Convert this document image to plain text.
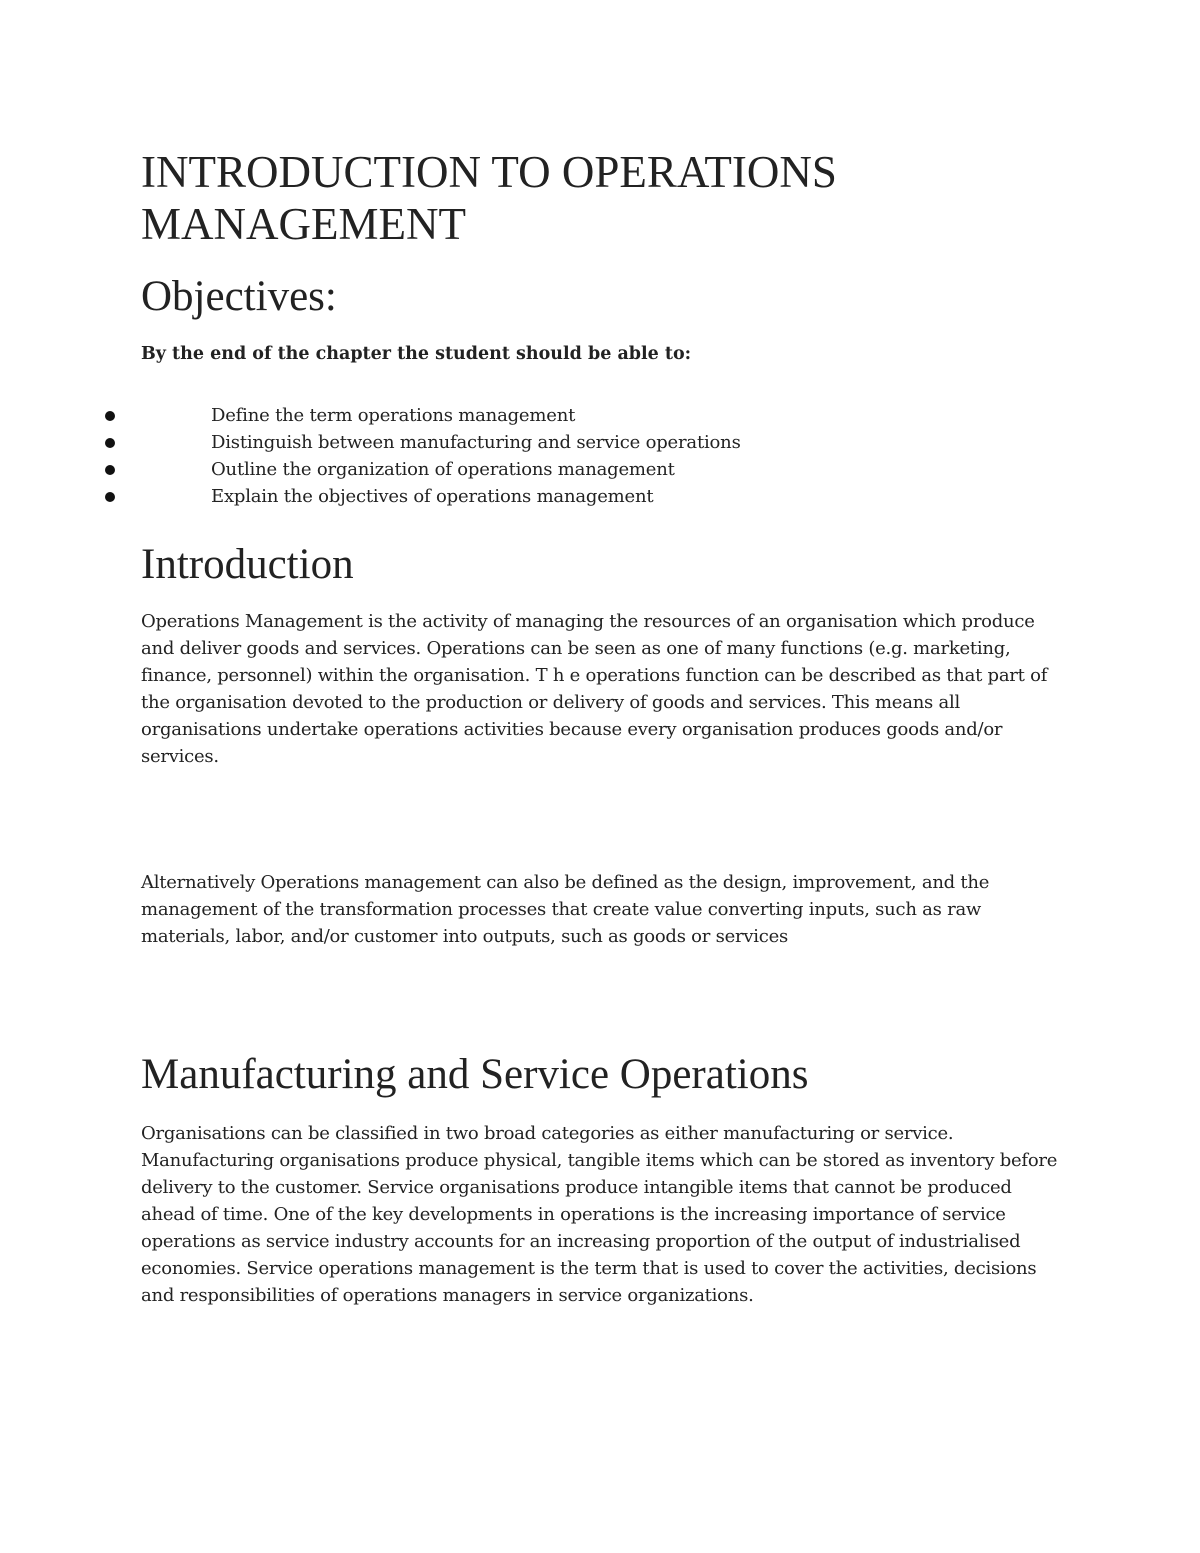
INTRODUCTION TO OPERATIONS MANAGEMENT
Objectives:

By the end of the chapter the student should be able to:

Define the term operations management
Distinguish between manufacturing and service operations
Outline the organization of operations management
Explain the objectives of operations management
Introduction

Operations Management is the activity of managing the resources of an organisation which produce and deliver goods and services. Operations can be seen as one of many functions (e.g. marketing, finance, personnel) within the organisation. T h e operations function can be described as that part of the organisation devoted to the production or delivery of goods and services. This means all organisations undertake operations activities because every organisation produces goods and/or services.

Alternatively Operations management can also be defined as the design, improvement, and the management of the transformation processes that create value converting inputs, such as raw materials, labor, and/or customer into outputs, such as goods or services

Manufacturing and Service Operations

Organisations can be classified in two broad categories as either manufacturing or service. Manufacturing organisations produce physical, tangible items which can be stored as inventory before delivery to the customer. Service organisations produce intangible items that cannot be produced ahead of time. One of the key developments in operations is the increasing importance of service operations as service industry accounts for an increasing proportion of the output of industrialised economies. Service operations management is the term that is used to cover the activities, decisions and responsibilities of operations managers in service organizations.
